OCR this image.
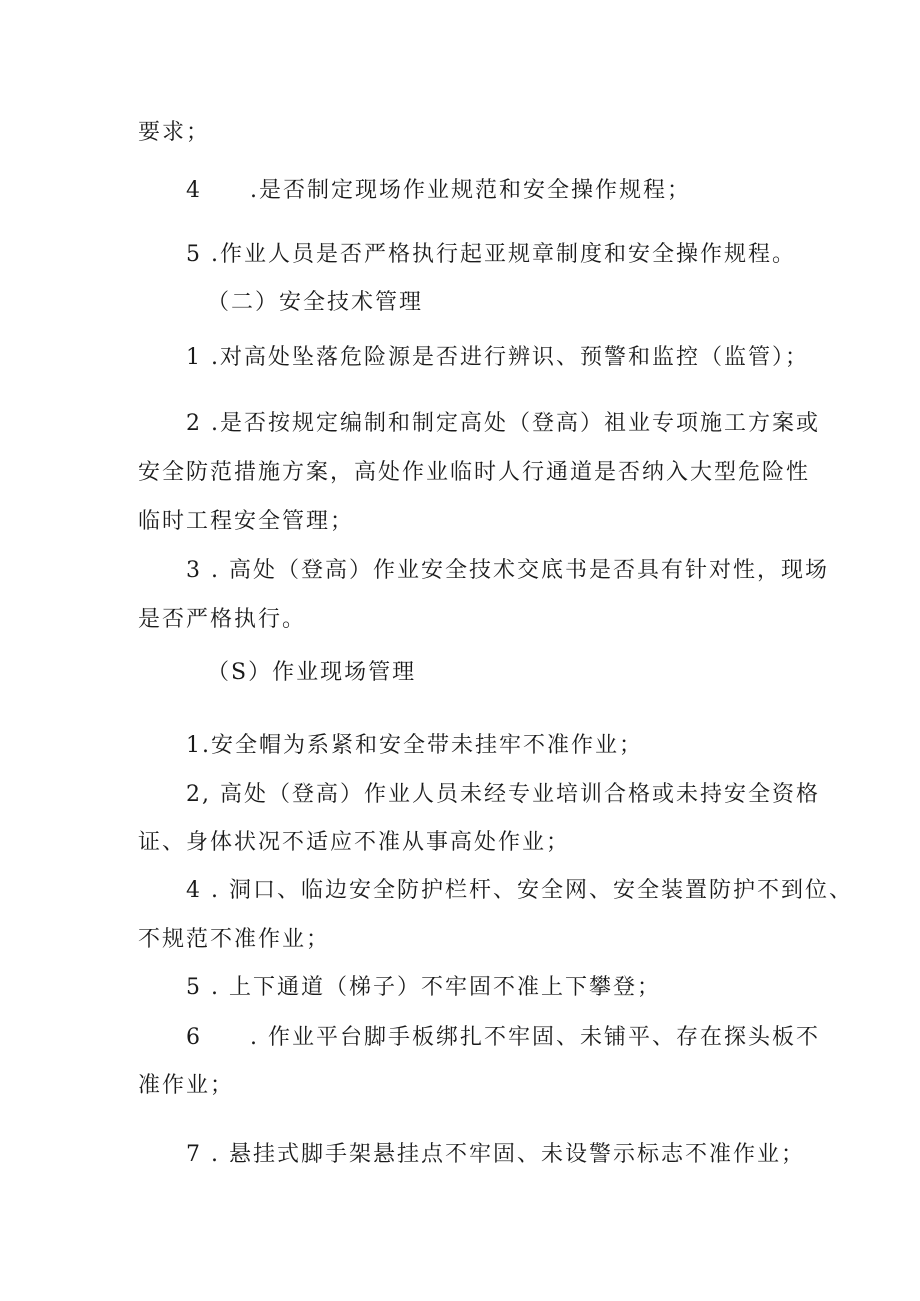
要求；
4　　.是否制定现场作业规范和安全操作规程；
5 .作业人员是否严格执行起亚规章制度和安全操作规程。
（二）安全技术管理
1 .对高处坠落危险源是否进行辨识、预警和监控（监管）；
2 .是否按规定编制和制定高处（登高）祖业专项施工方案或
安全防范措施方案，高处作业临时人行通道是否纳入大型危险性
临时工程安全管理；
3 . 高处（登高）作业安全技术交底书是否具有针对性，现场
是否严格执行。
（S）作业现场管理
1.安全帽为系紧和安全带未挂牢不准作业；
2, 高处（登高）作业人员未经专业培训合格或未持安全资格
证、身体状况不适应不准从事高处作业；
4 . 洞口、临边安全防护栏杆、安全网、安全装置防护不到位、
不规范不准作业；
5 . 上下通道（梯子）不牢固不准上下攀登；
6　　. 作业平台脚手板绑扎不牢固、未铺平、存在探头板不
准作业；
7 . 悬挂式脚手架悬挂点不牢固、未设警示标志不准作业；
